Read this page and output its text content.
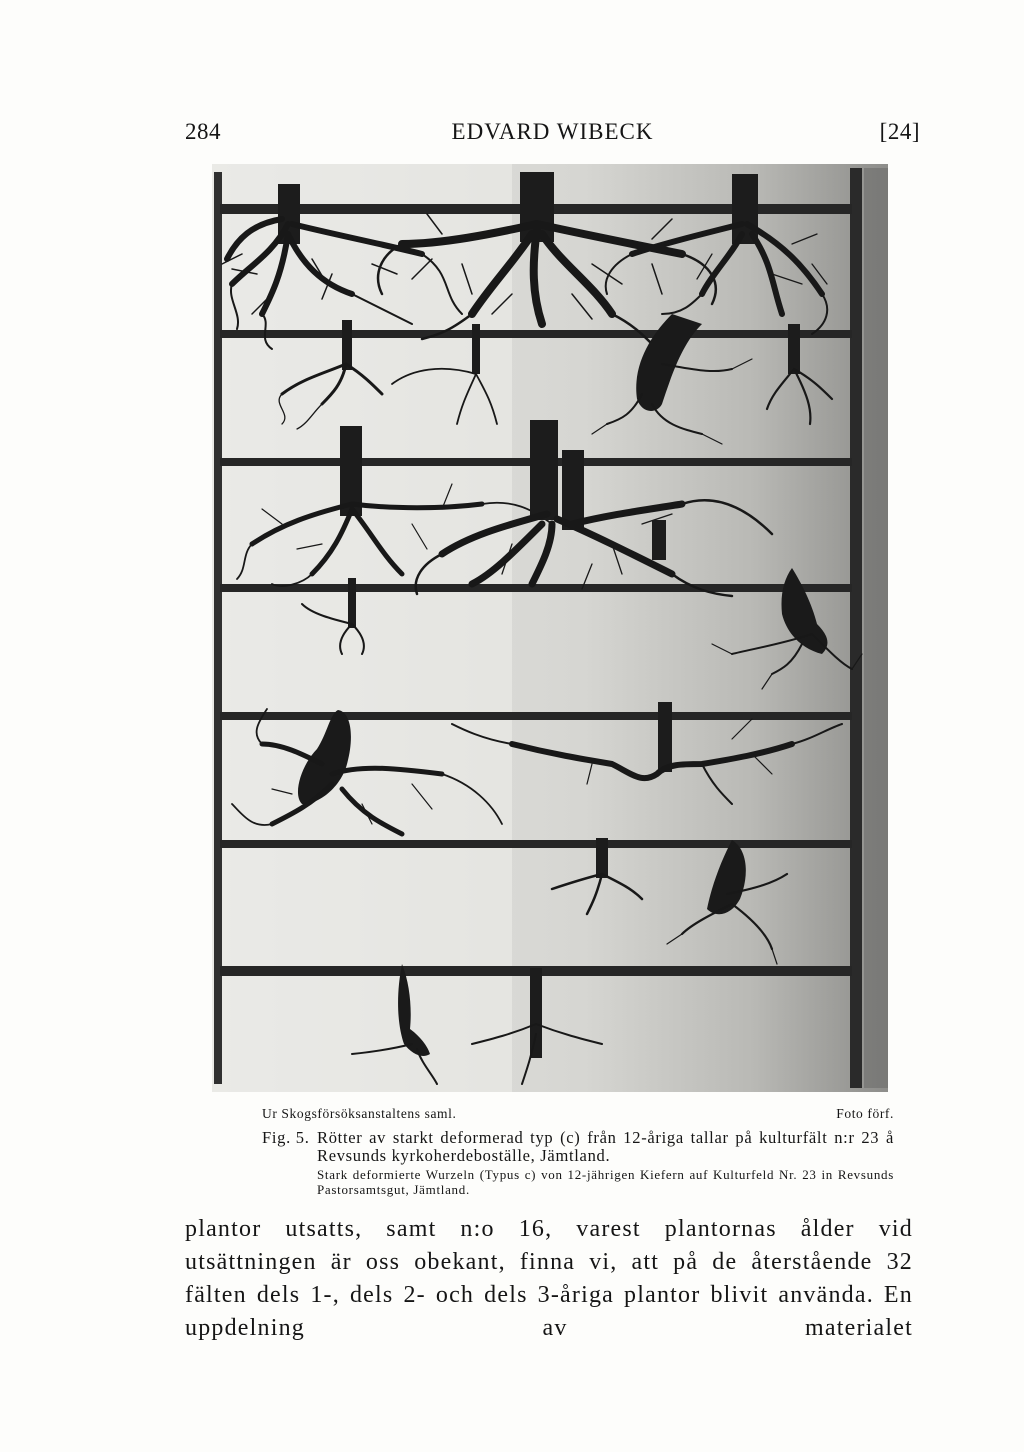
284	EDVARD WIBECK	[24]
Ur Skogsförsöksanstaltens saml.	Foto förf.
Fig. 5. Rötter av starkt deformerad typ (c) från 12-åriga tallar på kulturfält n:r 23 å Revsunds kyrkoherdeboställe, Jämtland.
Stark deformierte Wurzeln (Typus c) von 12-jährigen Kiefern auf Kulturfeld Nr. 23 in Revsunds Pastorsamtsgut, Jämtland.
plantor utsatts, samt n:o 16, varest plantornas ålder vid utsättningen är oss obekant, finna vi, att på de återstående 32 fälten dels 1-, dels 2- och dels 3-åriga plantor blivit använda. En uppdelning av materialet
